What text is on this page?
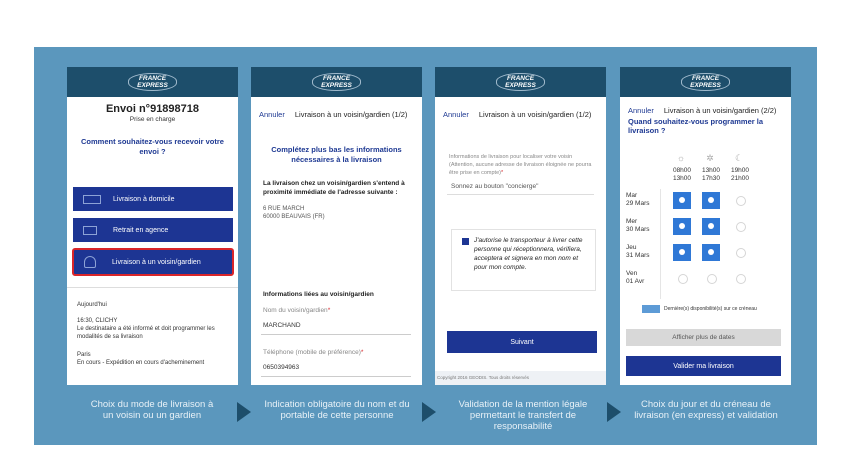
FRANCE
EXPRESS
Envoi n°91898718
Prise en charge
Comment souhaitez-vous recevoir votre envoi ?
Livraison à domicile
Retrait en agence
Livraison à un voisin/gardien
Aujourd'hui
16:30, CLICHY
Le destinataire a été informé et doit programmer les modalités de sa livraison
Paris
En cours - Expédition en cours d'acheminement
FRANCE
EXPRESS
Annuler Livraison à un voisin/gardien (1/2)
Complétez plus bas les informations nécessaires à la livraison
La livraison chez un voisin/gardien s'entend à proximité immédiate de l'adresse suivante :
6 RUE MARCH
60000 BEAUVAIS (FR)
Informations liées au voisin/gardien
Nom du voisin/gardien*
MARCHAND
Téléphone (mobile de préférence)*
0650394963
FRANCE
EXPRESS
Annuler Livraison à un voisin/gardien (1/2)
Informations de livraison pour localiser votre voisin (Attention, aucune adresse de livraison éloignée ne pourra être prise en compte)*
Sonnez au bouton "concierge"
J'autorise le transporteur à livrer cette personne qui réceptionnera, vérifiera, acceptera et signera en mon nom et pour mon compte.
Suivant
Copyright 2016 GEODIS. Tous droits réservés
FRANCE
EXPRESS
Annuler Livraison à un voisin/gardien (2/2)
Quand souhaitez-vous programmer la livraison ?
☼	✲	☾
08h00
13h00
13h00
17h30
19h00
21h00
Mar
29 Mars
Mer
30 Mars
Jeu
31 Mars
Ven
01 Avr
Dernière(s) disponibilité(s) sur ce créneau
Afficher plus de dates
Valider ma livraison
Choix du mode de livraison à un voisin ou un gardien
Indication obligatoire du nom et du portable de cette personne
Validation de la mention légale permettant le transfert de responsabilité
Choix du jour et du créneau de livraison (en express) et validation
